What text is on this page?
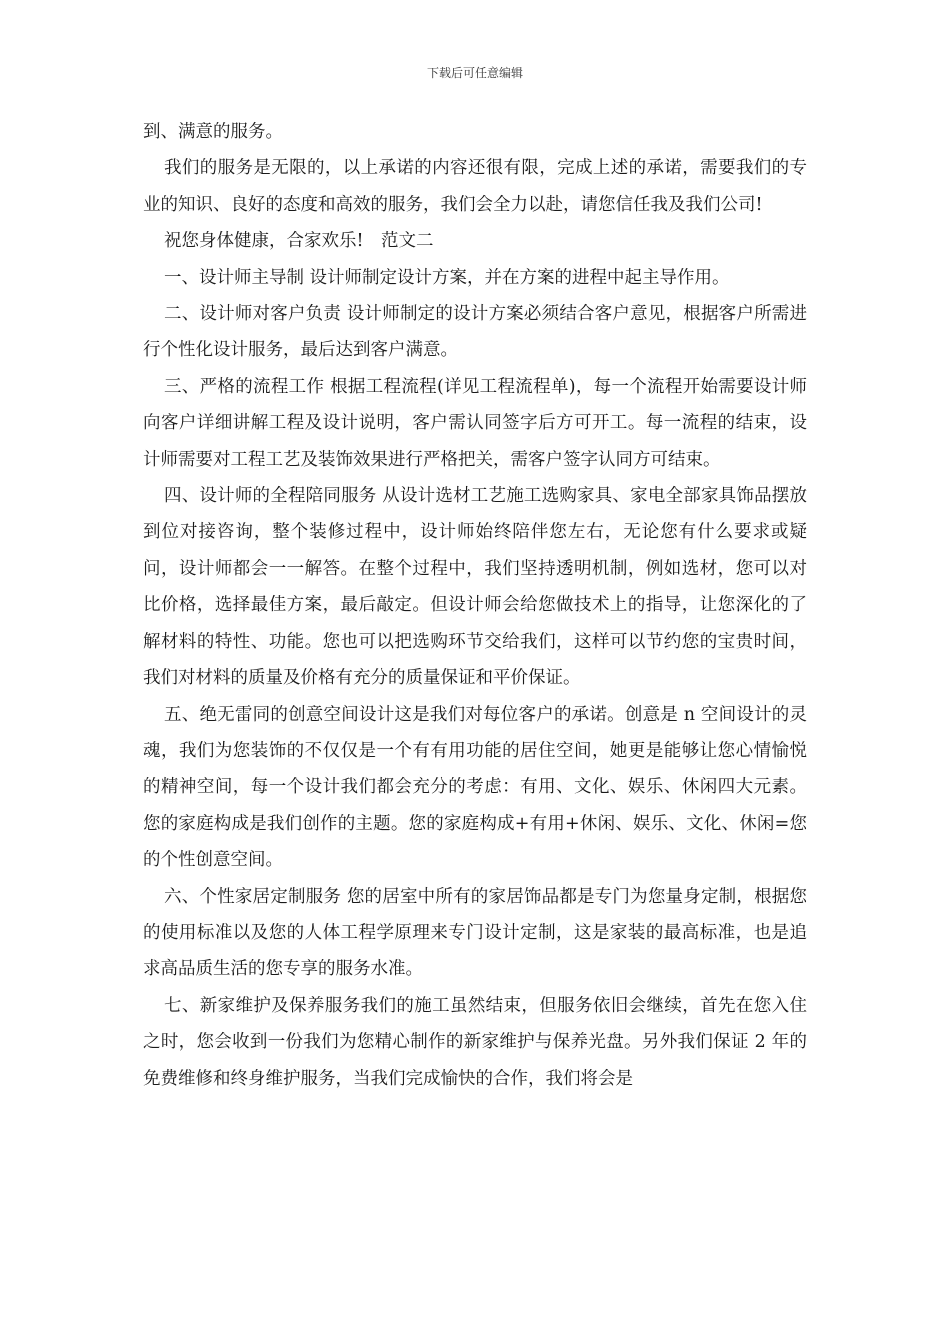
下载后可任意编辑

到、满意的服务。

我们的服务是无限的，以上承诺的内容还很有限，完成上述的承诺，需要我们的专业的知识、良好的态度和高效的服务，我们会全力以赴，请您信任我及我们公司!

祝您身体健康，合家欢乐!　范文二

一、设计师主导制 设计师制定设计方案，并在方案的进程中起主导作用。

二、设计师对客户负责 设计师制定的设计方案必须结合客户意见，根据客户所需进行个性化设计服务，最后达到客户满意。

三、严格的流程工作 根据工程流程(详见工程流程单)，每一个流程开始需要设计师向客户详细讲解工程及设计说明，客户需认同签字后方可开工。每一流程的结束，设计师需要对工程工艺及装饰效果进行严格把关，需客户签字认同方可结束。

四、设计师的全程陪同服务 从设计选材工艺施工选购家具、家电全部家具饰品摆放到位对接咨询，整个装修过程中，设计师始终陪伴您左右，无论您有什么要求或疑问，设计师都会一一解答。在整个过程中，我们坚持透明机制，例如选材，您可以对比价格，选择最佳方案，最后敲定。但设计师会给您做技术上的指导，让您深化的了解材料的特性、功能。您也可以把选购环节交给我们，这样可以节约您的宝贵时间，我们对材料的质量及价格有充分的质量保证和平价保证。

五、绝无雷同的创意空间设计这是我们对每位客户的承诺。创意是 n 空间设计的灵魂，我们为您装饰的不仅仅是一个有有用功能的居住空间，她更是能够让您心情愉悦的精神空间，每一个设计我们都会充分的考虑：有用、文化、娱乐、休闲四大元素。您的家庭构成是我们创作的主题。您的家庭构成+有用+休闲、娱乐、文化、休闲=您的个性创意空间。

六、个性家居定制服务 您的居室中所有的家居饰品都是专门为您量身定制，根据您的使用标准以及您的人体工程学原理来专门设计定制，这是家装的最高标准，也是追求高品质生活的您专享的服务水准。

七、新家维护及保养服务我们的施工虽然结束，但服务依旧会继续，首先在您入住之时，您会收到一份我们为您精心制作的新家维护与保养光盘。另外我们保证 2 年的免费维修和终身维护服务，当我们完成愉快的合作，我们将会是
